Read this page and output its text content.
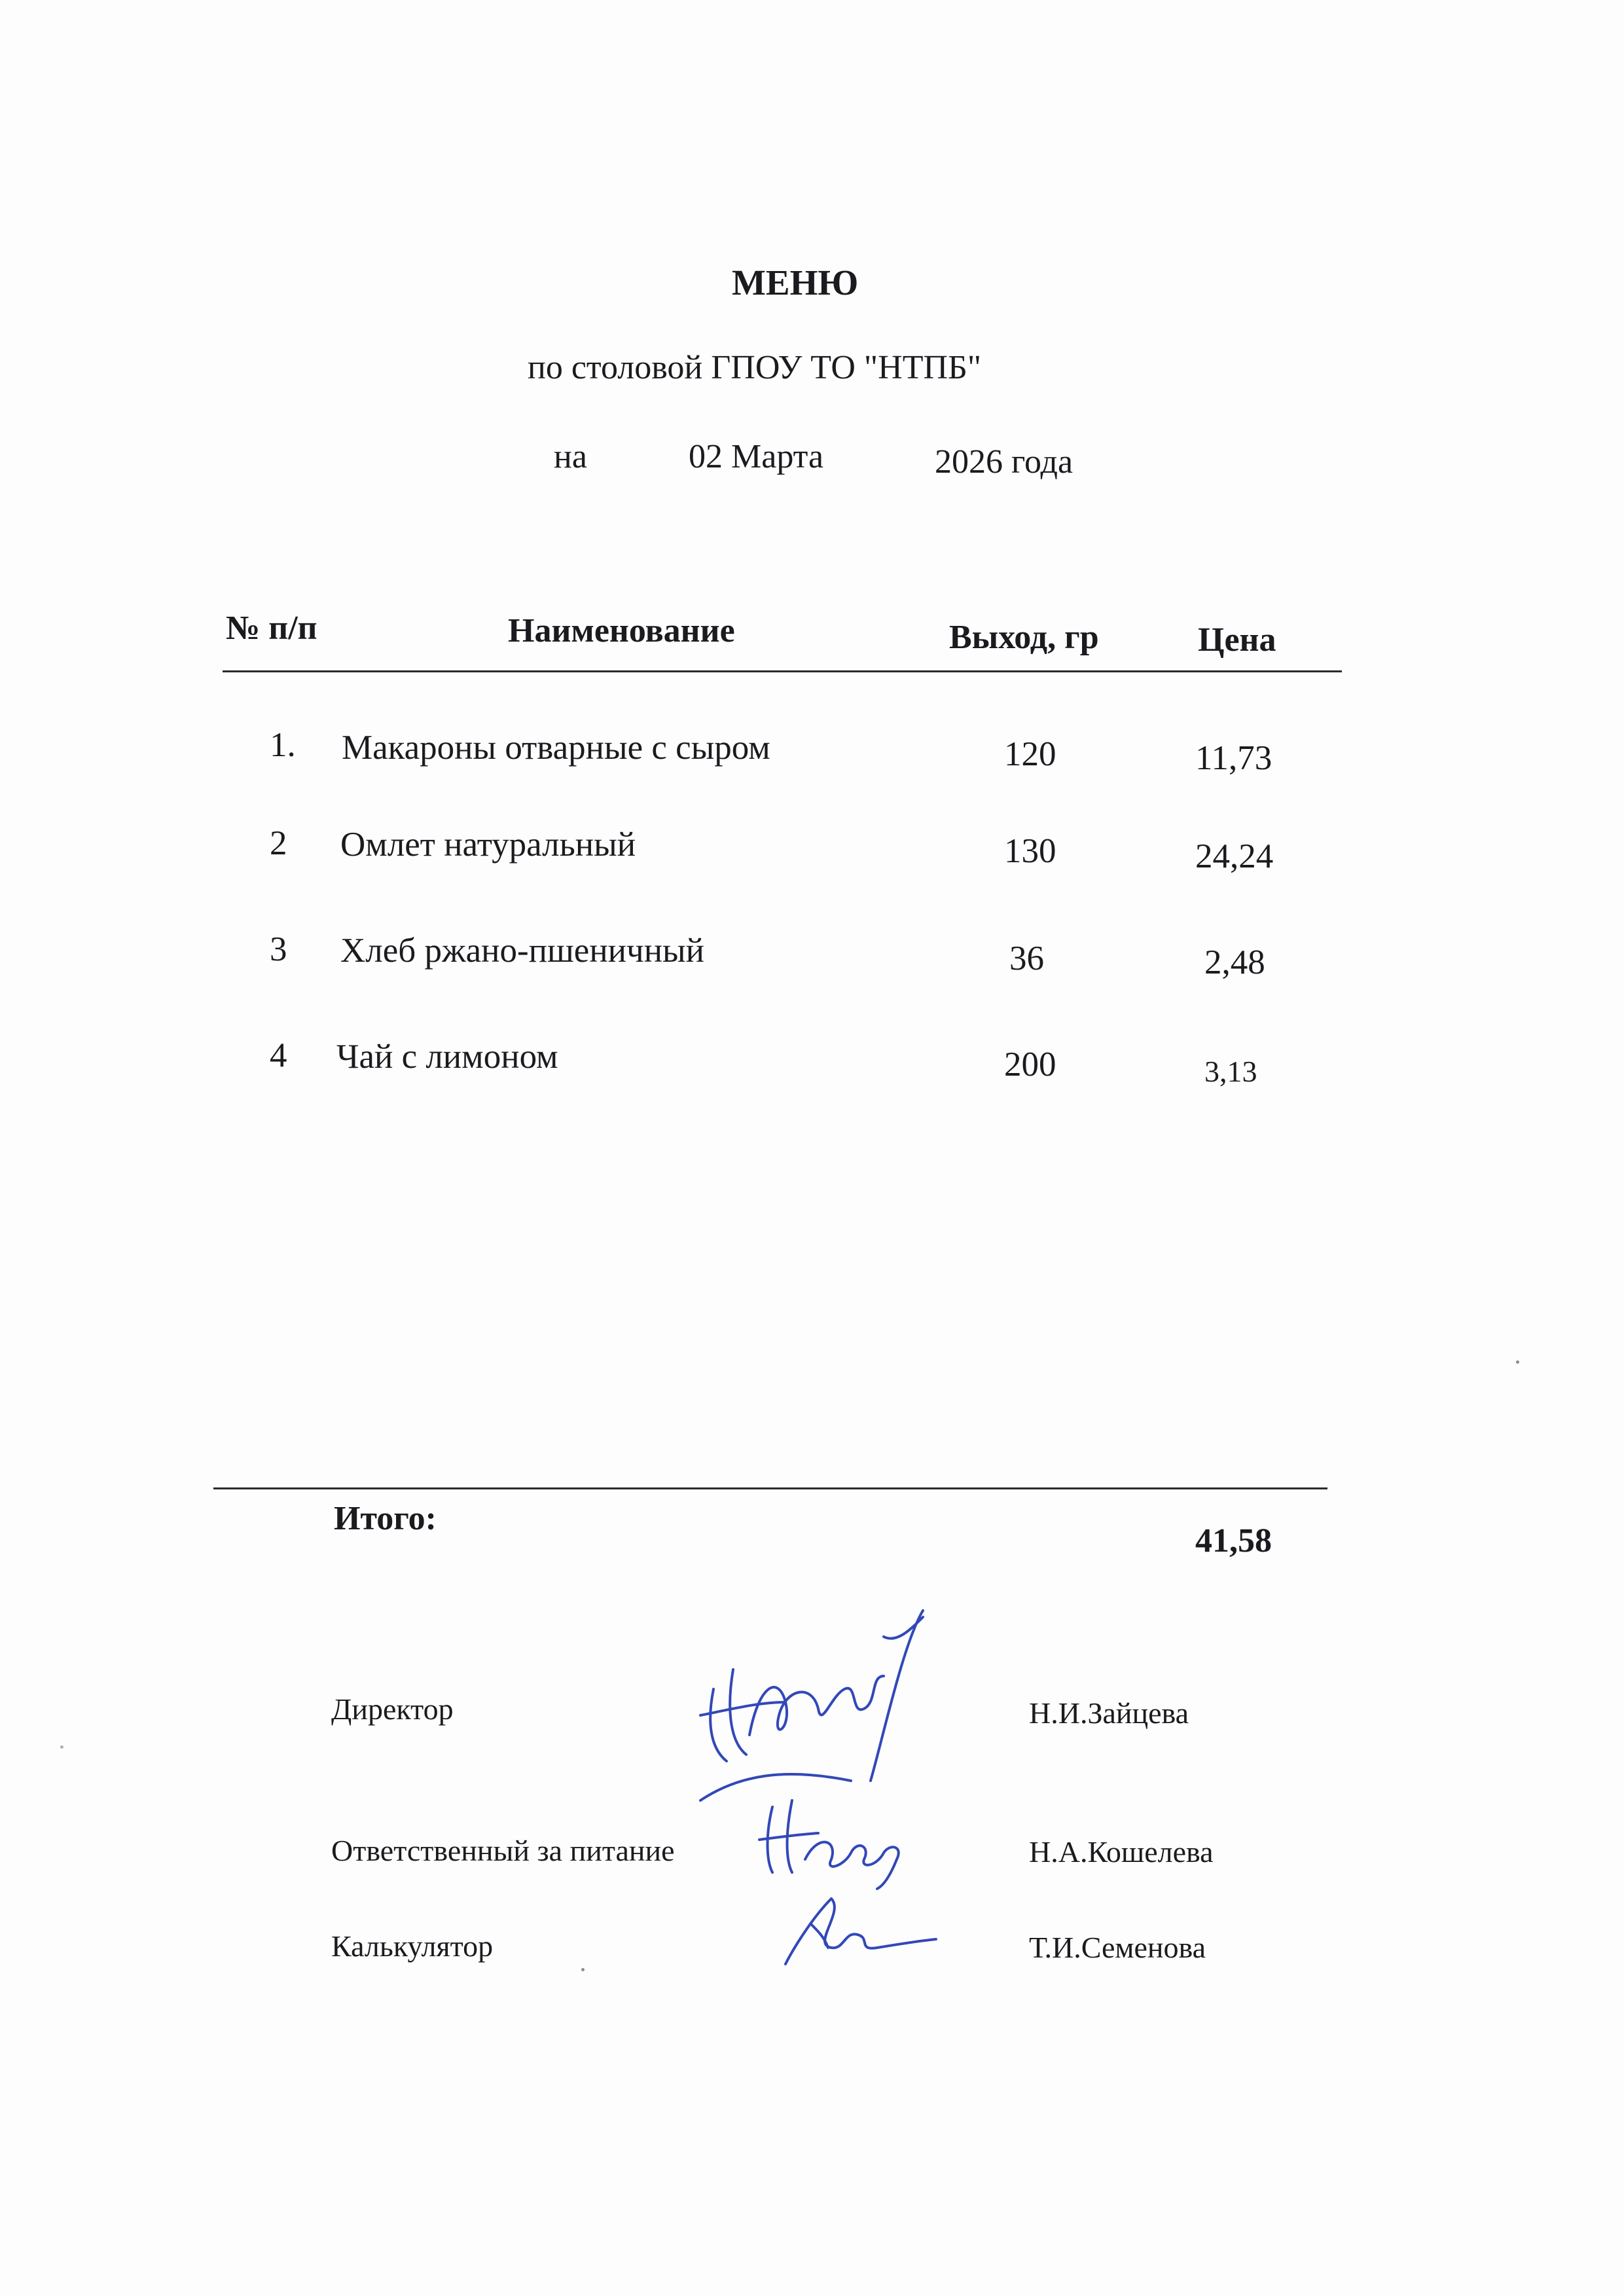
МЕНЮ
по столовой ГПОУ ТО "НТПБ"
на	02 Марта	2026 года
№ п/п	Наименование	Выход, гр	Цена
1. Макароны отварные с сыром	120	11,73
2 Омлет натуральный	130	24,24
3 Хлеб ржано-пшеничный	36	2,48
4 Чай с лимоном	200	3,13
Итого:
41,58
Директор	Н.И.Зайцева
Ответственный за питание	Н.А.Кошелева
Калькулятор	Т.И.Семенова
